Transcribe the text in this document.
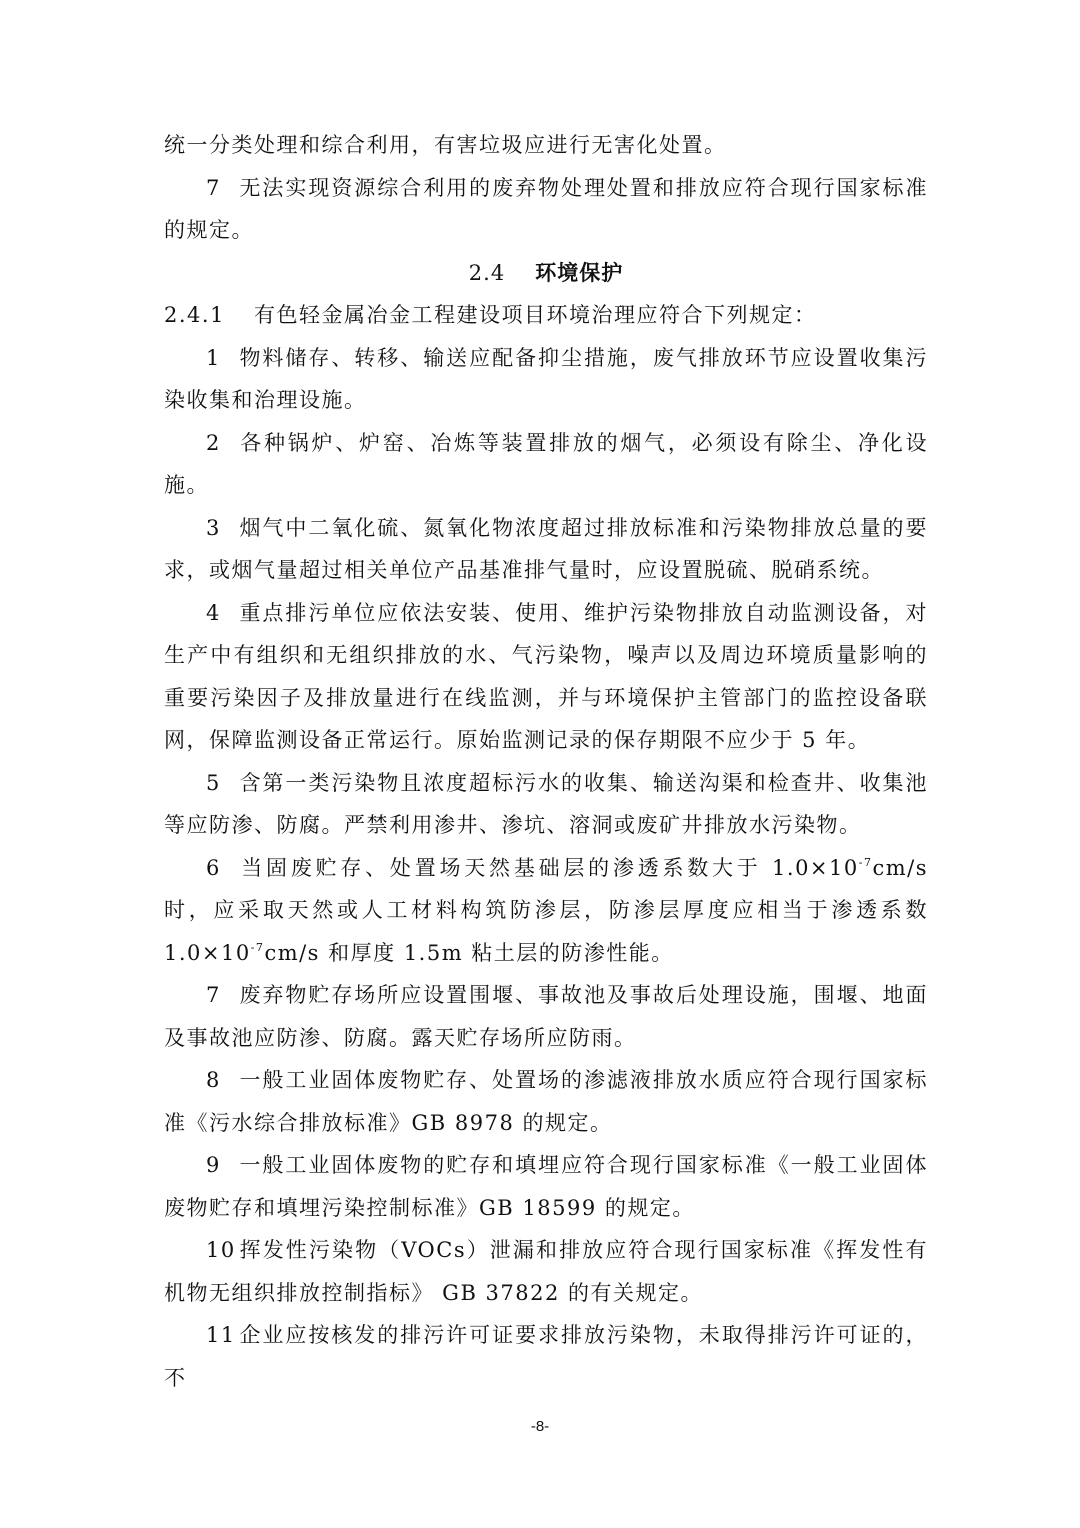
统一分类处理和综合利用，有害垃圾应进行无害化处置。

7 无法实现资源综合利用的废弃物处理处置和排放应符合现行国家标准的规定。

2.4 环境保护

2.4.1 有色轻金属冶金工程建设项目环境治理应符合下列规定：

1 物料储存、转移、输送应配备抑尘措施，废气排放环节应设置收集污染收集和治理设施。

2 各种锅炉、炉窑、冶炼等装置排放的烟气，必须设有除尘、净化设施。

3 烟气中二氧化硫、氮氧化物浓度超过排放标准和污染物排放总量的要求，或烟气量超过相关单位产品基准排气量时，应设置脱硫、脱硝系统。

4 重点排污单位应依法安装、使用、维护污染物排放自动监测设备，对生产中有组织和无组织排放的水、气污染物，噪声以及周边环境质量影响的重要污染因子及排放量进行在线监测，并与环境保护主管部门的监控设备联网，保障监测设备正常运行。原始监测记录的保存期限不应少于 5 年。

5 含第一类污染物且浓度超标污水的收集、输送沟渠和检查井、收集池等应防渗、防腐。严禁利用渗井、渗坑、溶洞或废矿井排放水污染物。

6 当固废贮存、处置场天然基础层的渗透系数大于 $1.0\times 10^{-7}cm/s$ 时，应采取天然或人工材料构筑防渗层，防渗层厚度应相当于渗透系数 $1.0\times 10^{-7}cm/s$ 和厚度 1.5m 粘土层的防渗性能。

7 废弃物贮存场所应设置围堰、事故池及事故后处理设施，围堰、地面及事故池应防渗、防腐。露天贮存场所应防雨。

8 一般工业固体废物贮存、处置场的渗滤液排放水质应符合现行国家标准《污水综合排放标准》GB 8978 的规定。

9 一般工业固体废物的贮存和填埋应符合现行国家标准《一般工业固体废物贮存和填埋污染控制标准》GB 18599 的规定。

10 挥发性污染物（VOCs）泄漏和排放应符合现行国家标准《挥发性有机物无组织排放控制指标》 GB 37822 的有关规定。

11 企业应按核发的排污许可证要求排放污染物，未取得排污许可证的，不

-8-
